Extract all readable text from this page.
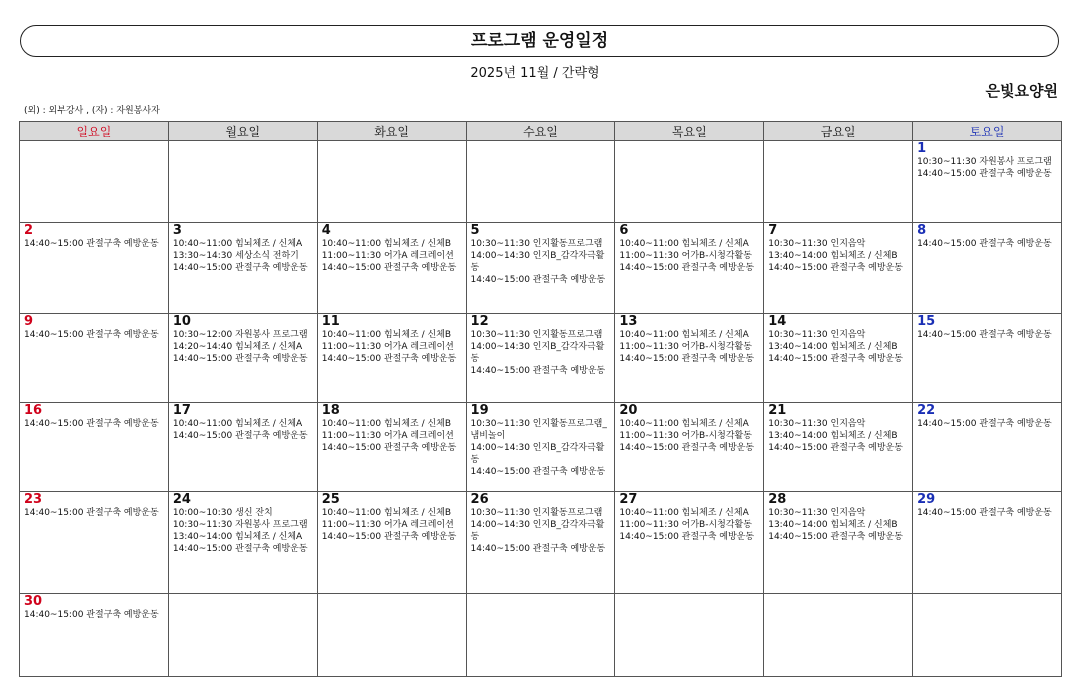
프로그램 운영일정
2025년 11월 / 간략형
은빛요양원
(외) : 외부강사 , (자) : 자원봉사자
일요일	월요일	화요일	수요일	목요일	금요일	토요일

						1
10:30~11:30 자원봉사 프로그램
14:40~15:00 관절구축 예방운동

2
14:40~15:00 관절구축 예방운동	3
10:40~11:00 힘뇌체조 / 신체A
13:30~14:30 세상소식 전하기
14:40~15:00 관절구축 예방운동	4
10:40~11:00 힘뇌체조 / 신체B
11:00~11:30 어가A 레크레이션
14:40~15:00 관절구축 예방운동	5
10:30~11:30 인지활동프로그램
14:00~14:30 인지B_감각자극활동
14:40~15:00 관절구축 예방운동	6
10:40~11:00 힘뇌체조 / 신체A
11:00~11:30 어가B-시청각활동
14:40~15:00 관절구축 예방운동	7
10:30~11:30 인지음악
13:40~14:00 힘뇌체조 / 신체B
14:40~15:00 관절구축 예방운동	8
14:40~15:00 관절구축 예방운동

9
14:40~15:00 관절구축 예방운동	10
10:30~12:00 자원봉사 프로그램
14:20~14:40 힘뇌체조 / 신체A
14:40~15:00 관절구축 예방운동	11
10:40~11:00 힘뇌체조 / 신체B
11:00~11:30 어가A 레크레이션
14:40~15:00 관절구축 예방운동	12
10:30~11:30 인지활동프로그램
14:00~14:30 인지B_감각자극활동
14:40~15:00 관절구축 예방운동	13
10:40~11:00 힘뇌체조 / 신체A
11:00~11:30 어가B-시청각활동
14:40~15:00 관절구축 예방운동	14
10:30~11:30 인지음악
13:40~14:00 힘뇌체조 / 신체B
14:40~15:00 관절구축 예방운동	15
14:40~15:00 관절구축 예방운동

16
14:40~15:00 관절구축 예방운동	17
10:40~11:00 힘뇌체조 / 신체A
14:40~15:00 관절구축 예방운동	18
10:40~11:00 힘뇌체조 / 신체B
11:00~11:30 어가A 레크레이션
14:40~15:00 관절구축 예방운동	19
10:30~11:30 인지활동프로그램_냄비놀이
14:00~14:30 인지B_감각자극활동
14:40~15:00 관절구축 예방운동	20
10:40~11:00 힘뇌체조 / 신체A
11:00~11:30 어가B-시청각활동
14:40~15:00 관절구축 예방운동	21
10:30~11:30 인지음악
13:40~14:00 힘뇌체조 / 신체B
14:40~15:00 관절구축 예방운동	22
14:40~15:00 관절구축 예방운동

23
14:40~15:00 관절구축 예방운동	24
10:00~10:30 생신 잔치
10:30~11:30 자원봉사 프로그램
13:40~14:00 힘뇌체조 / 신체A
14:40~15:00 관절구축 예방운동	25
10:40~11:00 힘뇌체조 / 신체B
11:00~11:30 어가A 레크레이션
14:40~15:00 관절구축 예방운동	26
10:30~11:30 인지활동프로그램
14:00~14:30 인지B_감각자극활동
14:40~15:00 관절구축 예방운동	27
10:40~11:00 힘뇌체조 / 신체A
11:00~11:30 어가B-시청각활동
14:40~15:00 관절구축 예방운동	28
10:30~11:30 인지음악
13:40~14:00 힘뇌체조 / 신체B
14:40~15:00 관절구축 예방운동	29
14:40~15:00 관절구축 예방운동

30
14:40~15:00 관절구축 예방운동						
